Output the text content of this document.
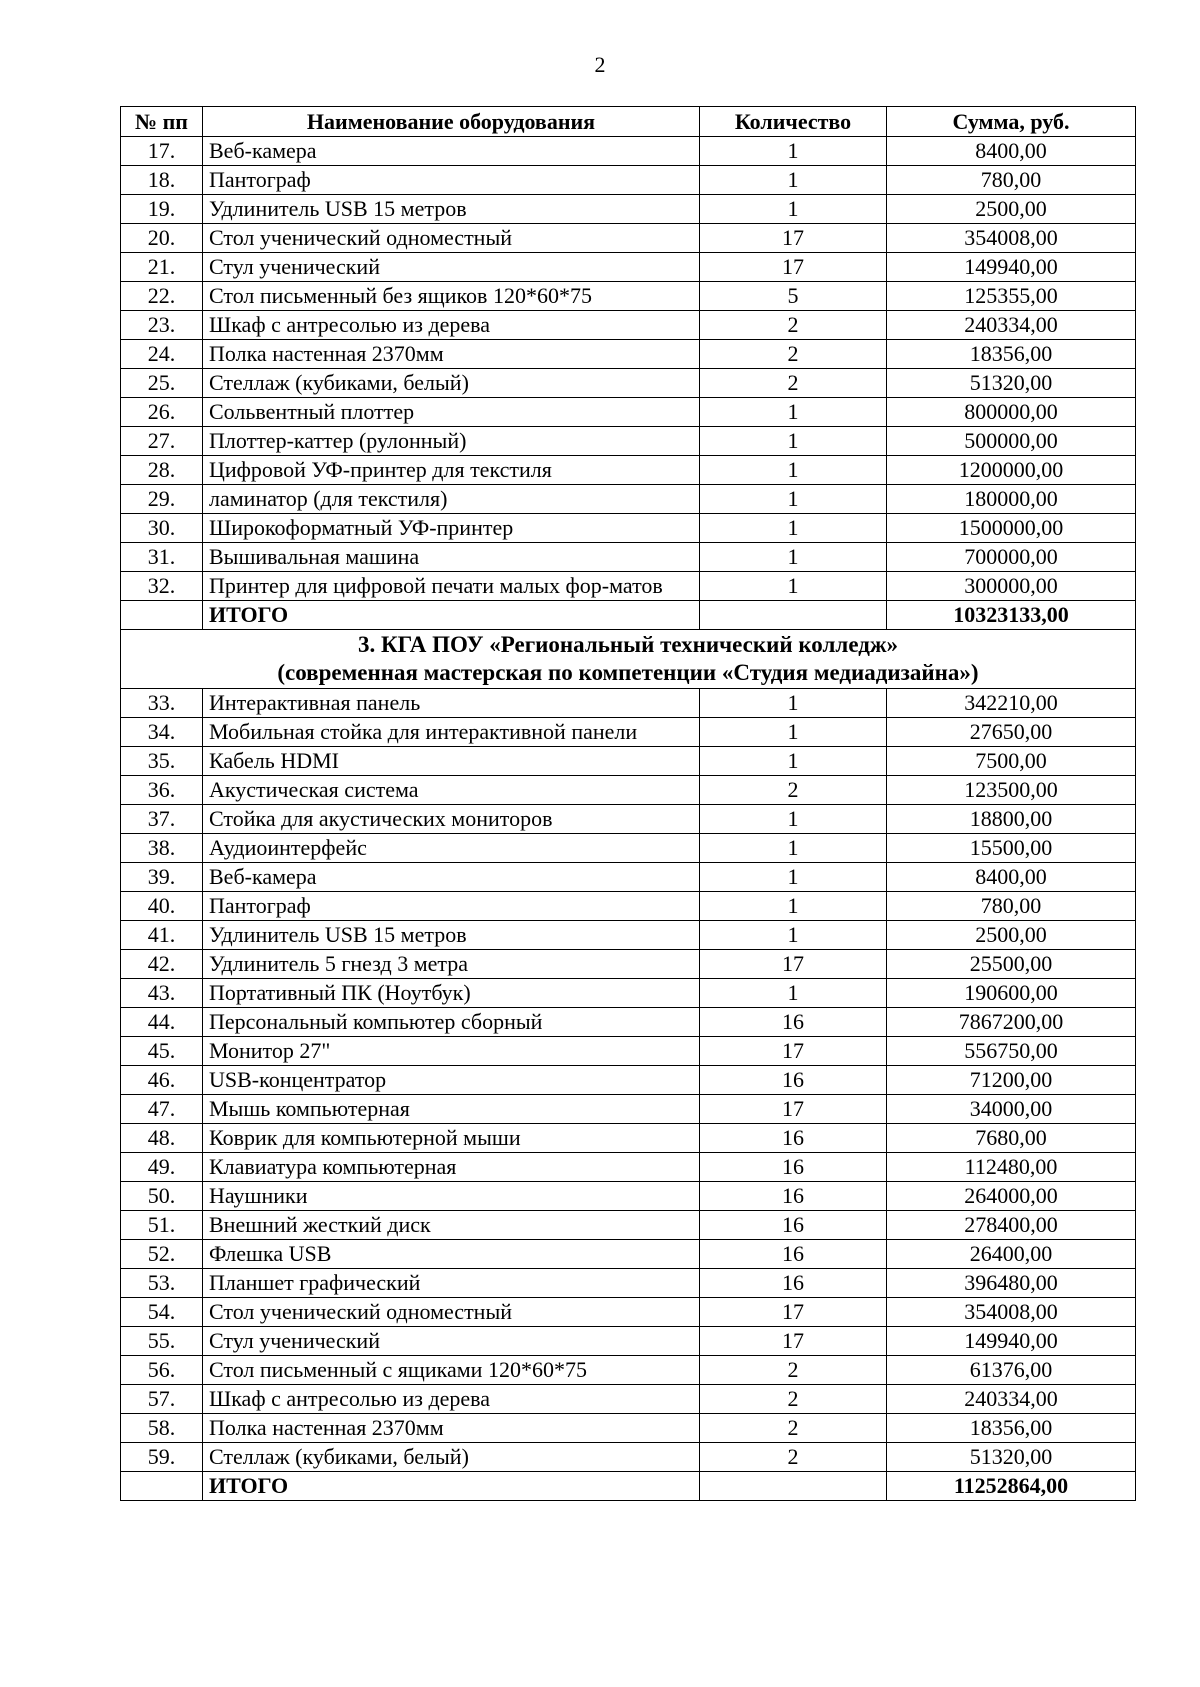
2
№ пп	Наименование оборудования	Количество	Сумма, руб.
17.	Веб-камера	1	8400,00
18.	Пантограф	1	780,00
19.	Удлинитель USB 15 метров	1	2500,00
20.	Стол ученический одноместный	17	354008,00
21.	Стул ученический	17	149940,00
22.	Стол письменный без ящиков 120*60*75	5	125355,00
23.	Шкаф с антресолью из дерева	2	240334,00
24.	Полка настенная 2370мм	2	18356,00
25.	Стеллаж (кубиками, белый)	2	51320,00
26.	Сольвентный плоттер	1	800000,00
27.	Плоттер-каттер (рулонный)	1	500000,00
28.	Цифровой УФ-принтер для текстиля	1	1200000,00
29.	ламинатор (для текстиля)	1	180000,00
30.	Широкоформатный УФ-принтер	1	1500000,00
31.	Вышивальная машина	1	700000,00
32.	Принтер для цифровой печати малых фор-матов	1	300000,00
	ИТОГО		10323133,00

3. КГА ПОУ «Региональный технический колледж»
(современная мастерская по компетенции «Студия медиадизайна»)			

33.	Интерактивная панель	1	342210,00
34.	Мобильная стойка для интерактивной панели	1	27650,00
35.	Кабель HDMI	1	7500,00
36.	Акустическая система	2	123500,00
37.	Стойка для акустических мониторов	1	18800,00
38.	Аудиоинтерфейс	1	15500,00
39.	Веб-камера	1	8400,00
40.	Пантограф	1	780,00
41.	Удлинитель USB 15 метров	1	2500,00
42.	Удлинитель 5 гнезд 3 метра	17	25500,00
43.	Портативный ПК (Ноутбук)	1	190600,00
44.	Персональный компьютер сборный	16	7867200,00
45.	Монитор 27"	17	556750,00
46.	USB-концентратор	16	71200,00
47.	Мышь компьютерная	17	34000,00
48.	Коврик для компьютерной мыши	16	7680,00
49.	Клавиатура компьютерная	16	112480,00
50.	Наушники	16	264000,00
51.	Внешний жесткий диск	16	278400,00
52.	Флешка USB	16	26400,00
53.	Планшет графический	16	396480,00
54.	Стол ученический одноместный	17	354008,00
55.	Стул ученический	17	149940,00
56.	Стол письменный с ящиками 120*60*75	2	61376,00
57.	Шкаф с антресолью из дерева	2	240334,00
58.	Полка настенная 2370мм	2	18356,00
59.	Стеллаж (кубиками, белый)	2	51320,00
	ИТОГО		11252864,00
